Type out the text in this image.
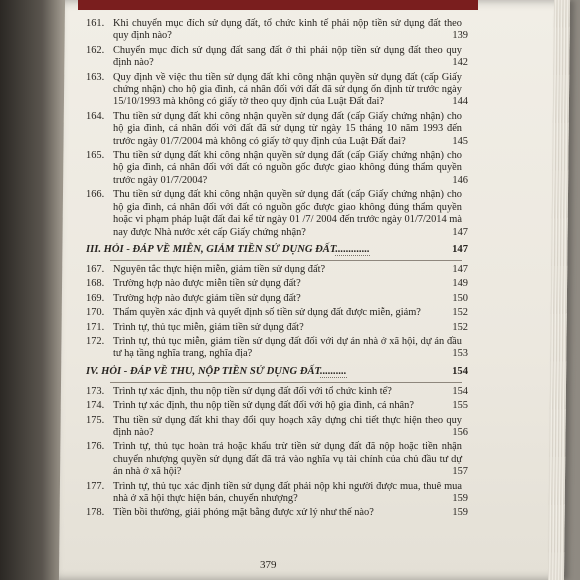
161. Khi chuyển mục đích sử dụng đất, tổ chức kinh tế phải nộp tiền sử dụng đất theo quy định nào?	139
162. Chuyển mục đích sử dụng đất sang đất ở thì phải nộp tiền sử dụng đất theo quy định nào?	142
163. Quy định về việc thu tiền sử dụng đất khi công nhận quyền sử dụng đất (cấp Giấy chứng nhận) cho hộ gia đình, cá nhân đối với đất đã sử dụng ổn định từ trước ngày 15/10/1993 mà không có giấy tờ theo quy định của Luật Đất đai?	144
164. Thu tiền sử dụng đất khi công nhận quyền sử dụng đất (cấp Giấy chứng nhận) cho hộ gia đình, cá nhân đối với đất đã sử dụng từ ngày 15 tháng 10 năm 1993 đến trước ngày 01/7/2004 mà không có giấy tờ quy định của Luật Đất đai?	145
165. Thu tiền sử dụng đất khi công nhận quyền sử dụng đất (cấp Giấy chứng nhận) cho hộ gia đình, cá nhân đối với đất có nguồn gốc được giao không đúng thẩm quyền trước ngày 01/7/2004?	146
166. Thu tiền sử dụng đất khi công nhận quyền sử dụng đất (cấp Giấy chứng nhận) cho hộ gia đình, cá nhân đối với đất có nguồn gốc được giao không đúng thẩm quyền hoặc vi phạm pháp luật đất đai kể từ ngày 01 /7/ 2004 đến trước ngày 01/7/2014 mà nay được Nhà nước xét cấp Giấy chứng nhận?	147
III. HỎI - ĐÁP VỀ MIỄN, GIẢM TIỀN SỬ DỤNG ĐẤT.............	147
167. Nguyên tắc thực hiện miễn, giảm tiền sử dụng đất?	147
168. Trường hợp nào được miễn tiền sử dụng đất?	149
169. Trường hợp nào được giảm tiền sử dụng đất?	150
170. Thẩm quyền xác định và quyết định số tiền sử dụng đất được miễn, giảm?	152
171. Trình tự, thủ tục miễn, giảm tiền sử dụng đất?	152
172. Trình tự, thủ tục miễn, giảm tiền sử dụng đất đối với dự án nhà ở xã hội, dự án đầu tư hạ tầng nghĩa trang, nghĩa địa?	153
IV. HỎI - ĐÁP VỀ THU, NỘP TIỀN SỬ DỤNG ĐẤT..........	154
173. Trình tự xác định, thu nộp tiền sử dụng đất đối với tổ chức kinh tế?	154
174. Trình tự xác định, thu nộp tiền sử dụng đất đối với hộ gia đình, cá nhân?	155
175. Thu tiền sử dụng đất khi thay đổi quy hoạch xây dựng chi tiết thực hiện theo quy định nào?	156
176. Trình tự, thủ tục hoàn trả hoặc khấu trừ tiền sử dụng đất đã nộp hoặc tiền nhận chuyển nhượng quyền sử dụng đất đã trả vào nghĩa vụ tài chính của chủ đầu tư dự án nhà ở xã hội?	157
177. Trình tự, thủ tục xác định tiền sử dụng đất phải nộp khi người được mua, thuê mua nhà ở xã hội thực hiện bán, chuyển nhượng?	159
178. Tiền bồi thường, giải phóng mặt bằng được xử lý như thế nào?	159
379
